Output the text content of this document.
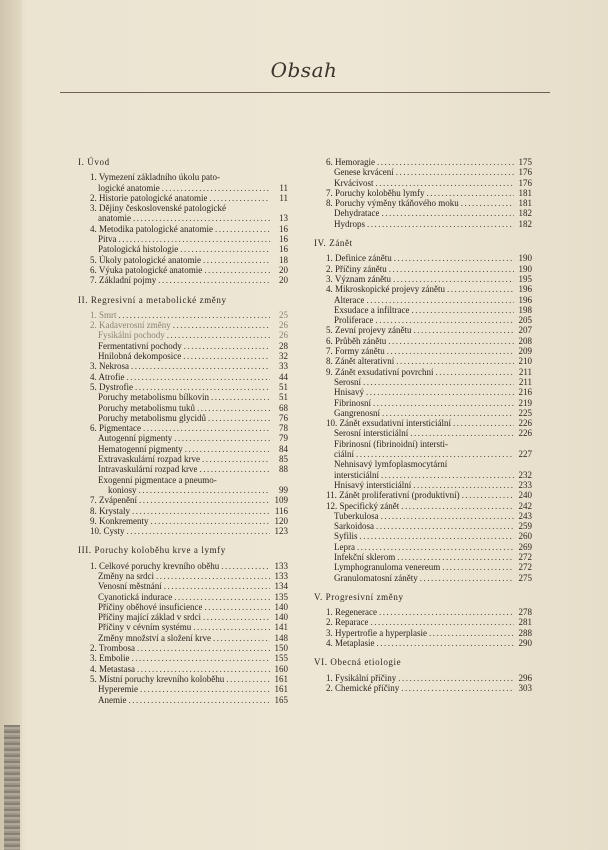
Obsah
I. Úvod
1. Vymezení základního úkolu pato-
logické anatomie .....	11
2. Historie patologické anatomie .....	11
3. Dějiny československé patologické
anatomie .....	13
4. Metodika patologické anatomie .....	16
Pitva .....	16
Patologická histologie .....	16
5. Úkoly patologické anatomie .....	18
6. Výuka patologické anatomie .....	20
7. Základní pojmy .....	20
II. Regresivní a metabolické změny
1. Smrt .....	25
2. Kadaverosní změny .....	26
Fysikální pochody .....	26
Fermentativní pochody .....	28
Hnilobná dekomposice .....	32
3. Nekrosa .....	33
4. Atrofie .....	44
5. Dystrofie .....	51
Poruchy metabolismu bílkovin .....	51
Poruchy metabolismu tuků .....	68
Poruchy metabolismu glycidů .....	76
6. Pigmentace .....	78
Autogenní pigmenty .....	79
Hematogenní pigmenty .....	84
Extravaskulární rozpad krve .....	85
Intravaskulární rozpad krve .....	88
Exogenní pigmentace a pneumo-
koniosy .....	99
7. Zvápenění .....	109
8. Krystaly .....	116
9. Konkrementy .....	120
10. Cysty .....	123
III. Poruchy koloběhu krve a lymfy
1. Celkové poruchy krevního oběhu .....	133
Změny na srdci .....	133
Venosní městnání .....	134
Cyanotická indurace .....	135
Příčiny oběhové insuficience .....	140
Příčiny mající základ v srdci .....	140
Příčiny v cévním systému .....	141
Změny množství a složení krve .....	148
2. Trombosa .....	150
3. Embolie .....	155
4. Metastasa .....	160
5. Místní poruchy krevního koloběhu .....	161
Hyperemie .....	161
Anemie .....	165
6. Hemoragie .....	175
Genese krvácení .....	176
Krvácivost .....	176
7. Poruchy koloběhu lymfy .....	181
8. Poruchy výměny tkáňového moku .....	181
Dehydratace .....	182
Hydrops .....	182
IV. Zánět
1. Definice zánětu .....	190
2. Příčiny zánětu .....	190
3. Význam zánětu .....	195
4. Mikroskopické projevy zánětu .....	196
Alterace .....	196
Exsudace a infiltrace .....	198
Proliferace .....	205
5. Zevní projevy zánětu .....	207
6. Průběh zánětu .....	208
7. Formy zánětu .....	209
8. Zánět alterativní .....	210
9. Zánět exsudativní povrchní .....	211
Serosní .....	211
Hnisavý .....	216
Fibrinosní .....	219
Gangrenosní .....	225
10. Zánět exsudativní intersticiální .....	226
Serosní intersticiální .....	226
Fibrinosní (fibrinoidní) intersti-
ciální .....	227
Nehnisavý lymfoplasmocytární
intersticiální .....	232
Hnisavý intersticiální .....	233
11. Zánět proliferativní (produktivní) .....	240
12. Specifický zánět .....	242
Tuberkulosa .....	243
Sarkoidosa .....	259
Syfilis .....	260
Lepra .....	269
Infekční sklerom .....	272
Lymphogranuloma venereum .....	272
Granulomatosní záněty .....	275
V. Progresivní změny
1. Regenerace .....	278
2. Reparace .....	281
3. Hypertrofie a hyperplasie .....	288
4. Metaplasie .....	290
VI. Obecná etiologie
1. Fysikální příčiny .....	296
2. Chemické příčiny .....	303
